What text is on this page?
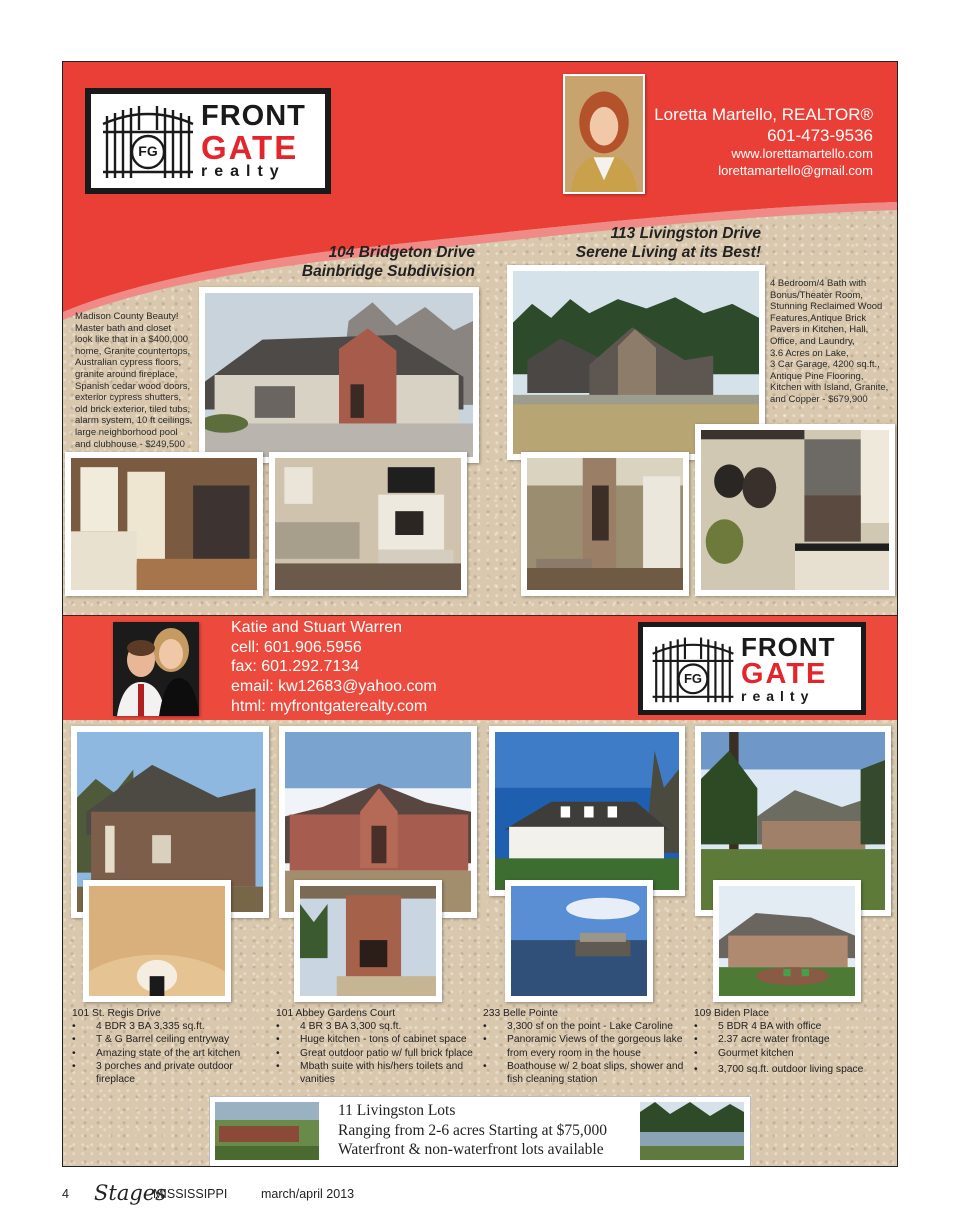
FG
FRONT
GATE
realty
Loretta Martello, REALTOR®
601-473-9536
www.lorettamartello.com
lorettamartello@gmail.com
104 Bridgeton Drive
Bainbridge Subdivision
113 Livingston Drive
Serene Living at its Best!
Madison County Beauty!
Master bath and closet
look like that in a $400,000
home, Granite countertops,
Australian cypress floors,
granite around fireplace,
Spanish cedar wood doors,
exterior cypress shutters,
old brick exterior, tiled tubs,
alarm system, 10 ft ceilings,
large neighborhood pool
and clubhouse - $249,500
4 Bedroom/4 Bath with
Bonus/Theater Room,
Stunning Reclaimed Wood
Features,Antique Brick
Pavers in Kitchen, Hall,
Office, and Laundry,
3.6 Acres on Lake,
3 Car Garage, 4200 sq.ft.,
Antique Pine Flooring,
Kitchen with Island, Granite,
and Copper - $679,900
Katie and Stuart Warren
cell: 601.906.5956
fax: 601.292.7134
email: kw12683@yahoo.com
html: myfrontgaterealty.com
FG
FRONT
GATE
realty
101 St. Regis Drive
• 4 BDR 3 BA 3,335 sq.ft.
• T & G Barrel ceiling entryway
• Amazing state of the art kitchen
• 3 porches and private outdoor fireplace
101 Abbey Gardens Court
• 4 BR 3 BA 3,300 sq.ft.
• Huge kitchen - tons of cabinet space
• Great outdoor patio w/ full brick fplace
• Mbath suite with his/hers toilets and vanities
233 Belle Pointe
• 3,300 sf on the point - Lake Caroline
• Panoramic Views of the gorgeous lake from every room in the house
• Boathouse w/ 2 boat slips, shower and fish cleaning station
109 Biden Place
• 5 BDR 4 BA with office
• 2.37 acre water frontage
• Gourmet kitchen
• 3,700 sq.ft. outdoor living space
11 Livingston Lots
Ranging from 2-6 acres Starting at $75,000
Waterfront & non-waterfront lots available
4 Stages
MISSISSIPPI	march/april 2013
